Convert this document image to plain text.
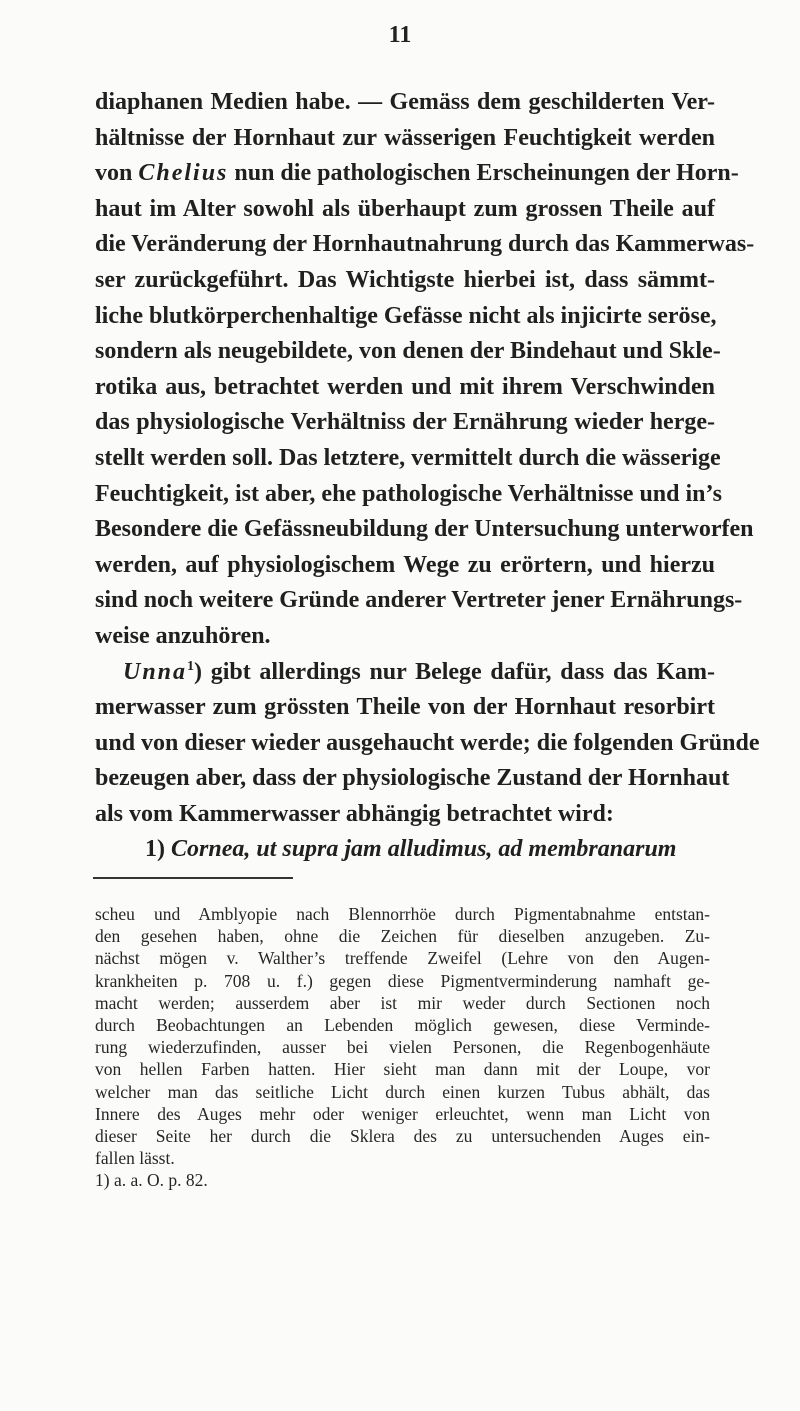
11
diaphanen Medien habe. — Gemäss dem geschilderten Ver-
hältnisse der Hornhaut zur wässerigen Feuchtigkeit werden
von Chelius nun die pathologischen Erscheinungen der Horn-
haut im Alter sowohl als überhaupt zum grossen Theile auf
die Veränderung der Hornhautnahrung durch das Kammerwas-
ser zurückgeführt. Das Wichtigste hierbei ist, dass sämmt-
liche blutkörperchenhaltige Gefässe nicht als injicirte seröse,
sondern als neugebildete, von denen der Bindehaut und Skle-
rotika aus, betrachtet werden und mit ihrem Verschwinden
das physiologische Verhältniss der Ernährung wieder herge-
stellt werden soll. Das letztere, vermittelt durch die wässerige
Feuchtigkeit, ist aber, ehe pathologische Verhältnisse und in’s
Besondere die Gefässneubildung der Untersuchung unterworfen
werden, auf physiologischem Wege zu erörtern, und hierzu
sind noch weitere Gründe anderer Vertreter jener Ernährungs-
weise anzuhören.
Unna$^1$) gibt allerdings nur Belege dafür, dass das Kam-
merwasser zum grössten Theile von der Hornhaut resorbirt
und von dieser wieder ausgehaucht werde; die folgenden Gründe
bezeugen aber, dass der physiologische Zustand der Hornhaut
als vom Kammerwasser abhängig betrachtet wird:
1) Cornea, ut supra jam alludimus, ad membranarum
scheu und Amblyopie nach Blennorrhöe durch Pigmentabnahme entstan-
den gesehen haben, ohne die Zeichen für dieselben anzugeben. Zu-
nächst mögen v. Walther’s treffende Zweifel (Lehre von den Augen-
krankheiten p. 708 u. f.) gegen diese Pigmentverminderung namhaft ge-
macht werden; ausserdem aber ist mir weder durch Sectionen noch
durch Beobachtungen an Lebenden möglich gewesen, diese Verminde-
rung wiederzufinden, ausser bei vielen Personen, die Regenbogenhäute
von hellen Farben hatten. Hier sieht man dann mit der Loupe, vor
welcher man das seitliche Licht durch einen kurzen Tubus abhält, das
Innere des Auges mehr oder weniger erleuchtet, wenn man Licht von
dieser Seite her durch die Sklera des zu untersuchenden Auges ein-
fallen lässt.
1) a. a. O. p. 82.
